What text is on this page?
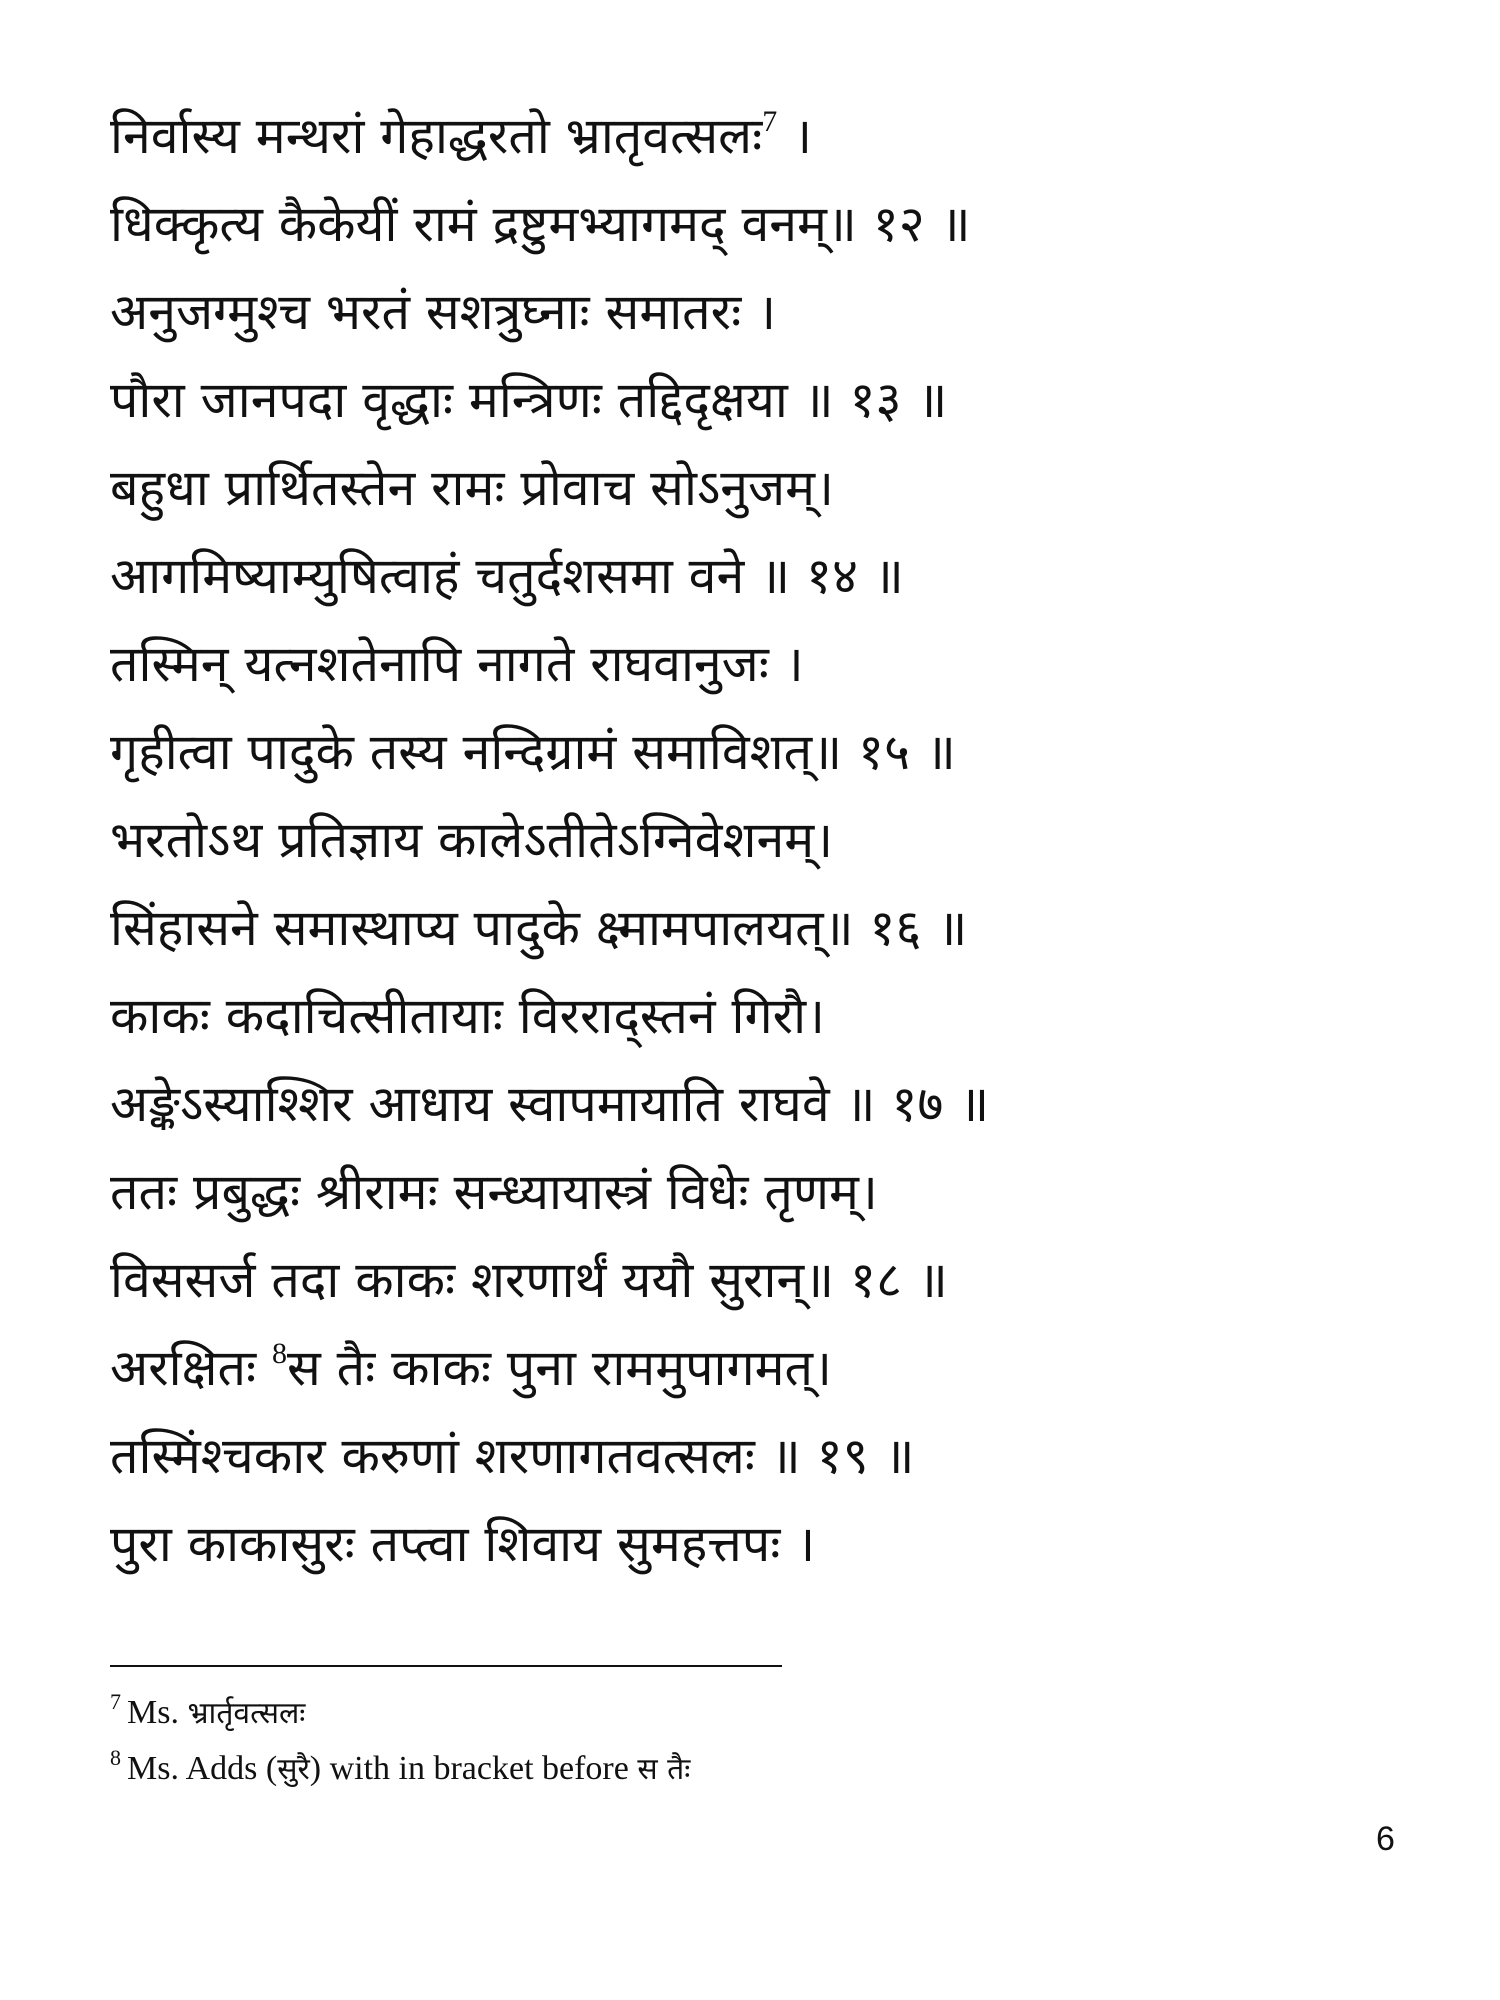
निर्वास्य मन्थरां गेहाद्धरतो भ्रातृवत्सलः$^7$ ।
धिक्कृत्य कैकेयीं रामं द्रष्टुमभ्यागमद् वनम्॥ १२ ॥
अनुजग्मुश्च भरतं सशत्रुघ्नाः समातरः ।
पौरा जानपदा वृद्धाः मन्त्रिणः तद्दिदृक्षया ॥ १३ ॥
बहुधा प्रार्थितस्तेन रामः प्रोवाच सोऽनुजम्।
आगमिष्याम्युषित्वाहं चतुर्दशसमा वने ॥ १४ ॥
तस्मिन् यत्नशतेनापि नागते राघवानुजः ।
गृहीत्वा पादुके तस्य नन्दिग्रामं समाविशत्॥ १५ ॥
भरतोऽथ प्रतिज्ञाय कालेऽतीतेऽग्निवेशनम्।
सिंहासने समास्थाप्य पादुके क्ष्मामपालयत्॥ १६ ॥
काकः कदाचित्सीतायाः विरराद्स्तनं गिरौ।
अङ्केऽस्याश्शिर आधाय स्वापमायाति राघवे ॥ १७ ॥
ततः प्रबुद्धः श्रीरामः सन्ध्यायास्त्रं विधेः तृणम्।
विससर्ज तदा काकः शरणार्थं ययौ सुरान्॥ १८ ॥
अरक्षितः $^8$स तैः काकः पुना राममुपागमत्।
तस्मिंश्चकार करुणां शरणागतवत्सलः ॥ १९ ॥
पुरा काकासुरः तप्त्वा शिवाय सुमहत्तपः ।
$^7$ Ms. भ्रार्तृवत्सलः
$^8$ Ms. Adds (सुरै) with in bracket before स तैः
6
